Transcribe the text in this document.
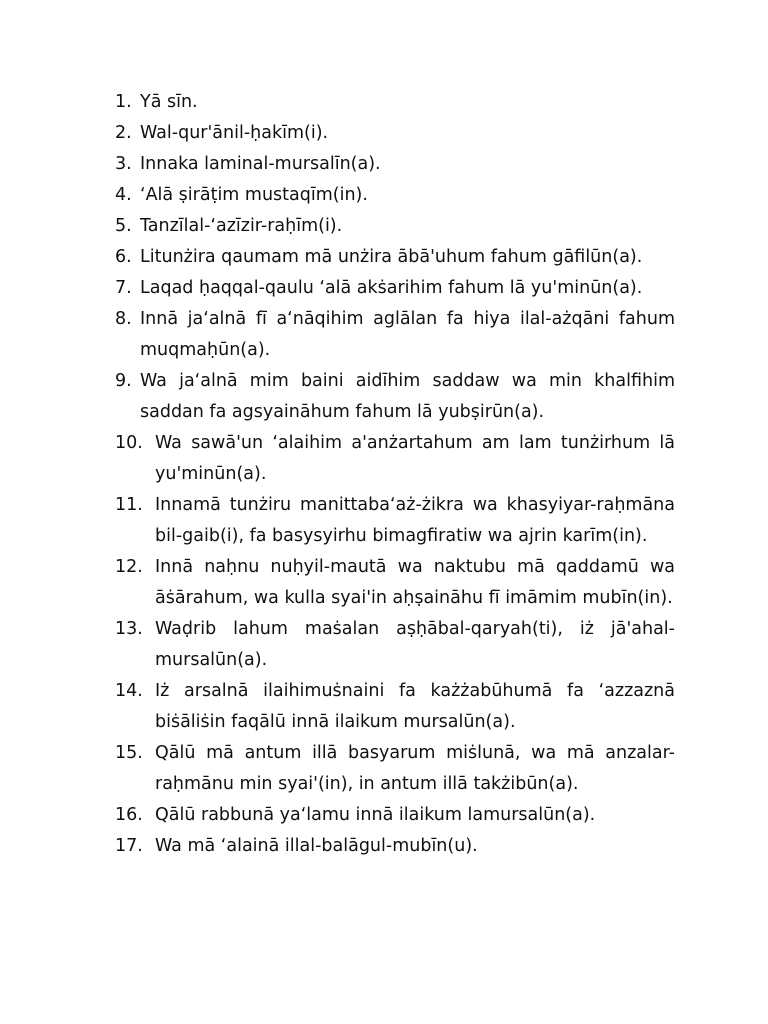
1. Yā sīn.
2. Wal-qur'ānil-ḥakīm(i).
3. Innaka laminal-mursalīn(a).
4. ‘Alā ṣirāṭim mustaqīm(in).
5. Tanzīlal-‘azīzir-raḥīm(i).
6. Litunżira qaumam mā unżira ābā'uhum fahum gāfilūn(a).
7. Laqad ḥaqqal-qaulu ‘alā akṡarihim fahum lā yu'minūn(a).
8. Innā ja‘alnā fī a‘nāqihim aglālan fa hiya ilal-ażqāni fahum muqmaḥūn(a).
9. Wa ja‘alnā mim baini aidīhim saddaw wa min khalfihim saddan fa agsyaināhum fahum lā yubṣirūn(a).
10. Wa sawā'un ‘alaihim a'anżartahum am lam tunżirhum lā yu'minūn(a).
11. Innamā tunżiru manittaba‘aż-żikra wa khasyiyar-raḥmāna bil-gaib(i), fa basysyirhu bimagfiratiw wa ajrin karīm(in).
12. Innā naḥnu nuḥyil-mautā wa naktubu mā qaddamū wa āṡārahum, wa kulla syai'in aḥṣaināhu fī imāmim mubīn(in).
13. Waḍrib lahum maṡalan aṣḥābal-qaryah(ti), iż jā'ahal-mursalūn(a).
14. Iż arsalnā ilaihimuṡnaini fa każżabūhumā fa ‘azzaznā biṡāliṡin faqālū innā ilaikum mursalūn(a).
15. Qālū mā antum illā basyarum miṡlunā, wa mā anzalar-raḥmānu min syai'(in), in antum illā takżibūn(a).
16. Qālū rabbunā ya‘lamu innā ilaikum lamursalūn(a).
17. Wa mā ‘alainā illal-balāgul-mubīn(u).
